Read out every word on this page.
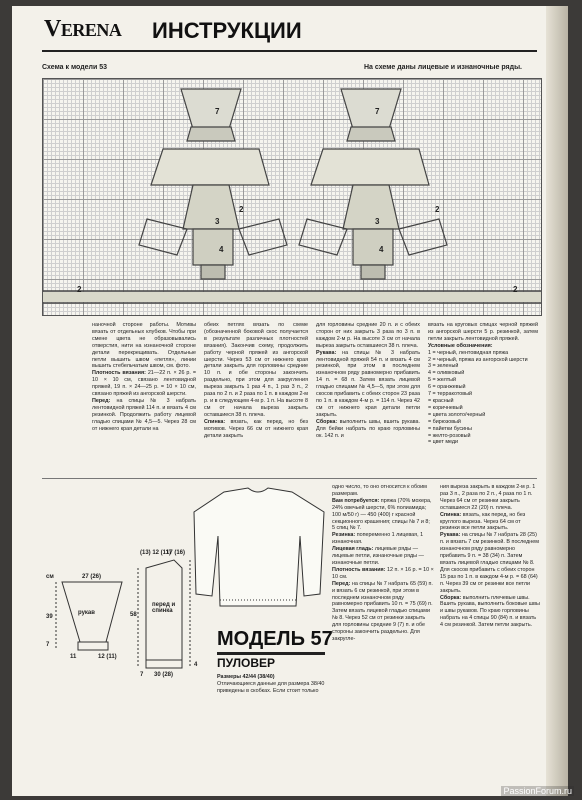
VERENA ИНСТРУКЦИИ
Схема к модели 53	На схеме даны лицевые и изнаночные ряды.
7	7
2	2
3	3
4	4
2	2
наночной стороне работы. Мотивы вязать от отдельных клубков. Чтобы при смене цвета не образовывались отверстия, нити на изнаночной стороне детали перекрещивать. Отдельные петли вышить швом «петля», линии вышить стебельчатым швом, см. фото.
Плотность вязания: 21—22 п. × 26 р. = 10 × 10 см, связано лентовидной пряжей, 19 п. × 24—25 р. = 10 × 10 см, связано пряжей из ангорской шерсти.
Перед: на спицы № 3 набрать лентовидной пряжей 114 п. и вязать 4 см резинкой. Продолжить работу лицевой гладью спицами № 4,5—5. Через 28 см от нижнего края детали на
обеих петлях вязать по схеме (обозначенной боковой скос получается в результате различных плотностей вязания). Закончив схему, продолжить работу черной пряжей из ангорской шерсти. Через 53 см от нижнего края детали закрыть для горловины средние 10 п. и обе стороны закончить раздельно, при этом для закругления выреза закрыть 1 раз 4 п., 1 раз 3 п., 2 раза по 2 п. и 2 раза по 1 п. в каждом 2-м р. и в следующем 4-м р. 1 п. На высоте 8 см от начала выреза закрыть оставшиеся 38 п. плеча.
Спинка: вязать, как перед, но без мотивов. Через 66 см от нижнего края детали закрыть
для горловины средние 20 п. и с обеих сторон от них закрыть 3 раза по 3 п. в каждом 2-м р. На высоте 3 см от начала выреза закрыть оставшиеся 38 п. плеча.
Рукава: на спицы № 3 набрать лентовидной пряжей 54 п. и вязать 4 см резинкой, при этом в последнем изнаночном ряду равномерно прибавить 14 п. = 68 п. Затем вязать лицевой гладью спицами № 4,5—5, при этом для скосов прибавить с обеих сторон 23 раза по 1 п. в каждом 4-м р. = 114 п. Через 42 см от нижнего края детали петли закрыть.
Сборка: выполнить швы, вшить рукава. Для бейки набрать по краю горловины ок. 142 п. и
вязать на круговых спицах черной пряжей из ангорской шерсти 5 р. резинкой, затем петли закрыть лентовидной пряжей.
Условные обозначения:
1 = черный, лентовидная пряжа
2 = черный, пряжа из ангорской шерсти
3 = зеленый
4 = оливковый
5 = желтый
6 = оранжевый
7 = терракотовый
= красный
= коричневый
= цвета золото/черный
= бирюзовый
= пайетки бусины
= желто-розовый
= цвет меди
рукав
перед и спинка
27 (26)
см
39
7
11	12 (11)
(13) 12 (11)
17 (16)
58
4
30 (28)
7
МОДЕЛЬ 57
ПУЛОВЕР
Размеры 42/44 (38/40)
Отличающиеся данные для размера 38/40 приведены в скобках. Если стоит только
одно число, то оно относится к обоим размерам.
Вам потребуется: пряжа (70% мохера, 24% овечьей шерсти, 6% полиамида; 100 м/50 г) — 450 (400) г красной секционного крашения; спицы № 7 и 8; 5 спиц № 7.
Резинка: попеременно 1 лицевая, 1 изнаночная.
Лицевая гладь: лицевые ряды — лицевые петли, изнаночные ряды — изнаночные петли.
Плотность вязания: 12 п. × 16 р. = 10 × 10 см.
Перед: на спицы № 7 набрать 65 (59) п. и вязать 6 см резинкой, при этом в последнем изнаночном ряду равномерно прибавить 10 п. = 75 (69) п. Затем вязать лицевой гладью спицами № 8. Через 52 см от резинки закрыть для горловины средние 9 (7) п. и обе стороны закончить раздельно. Для закругле-
ния выреза закрыть в каждом 2-м р. 1 раз 3 п., 2 раза по 2 п., 4 раза по 1 п. Через 64 см от резинки закрыть оставшиеся 22 (20) п. плеча.
Спинка: вязать, как перед, но без круглого выреза. Через 64 см от резинки все петли закрыть.
Рукава: на спицы № 7 набрать 28 (25) п. и вязать 7 см резинкой. В последнем изнаночном ряду равномерно прибавить 9 п. = 38 (34) п. Затем вязать лицевой гладью спицами № 8. Для скосов прибавить с обеих сторон 15 раз по 1 п. в каждом 4-м р. = 68 (64) п. Через 39 см от резинки все петли закрыть.
Сборка: выполнить плечевые швы. Вшить рукава, выполнить боковые швы и швы рукавов. По краю горловины набрать на 4 спицы 90 (84) п. и вязать 4 см резинкой. Затем петли закрыть.
PassionForum.ru
